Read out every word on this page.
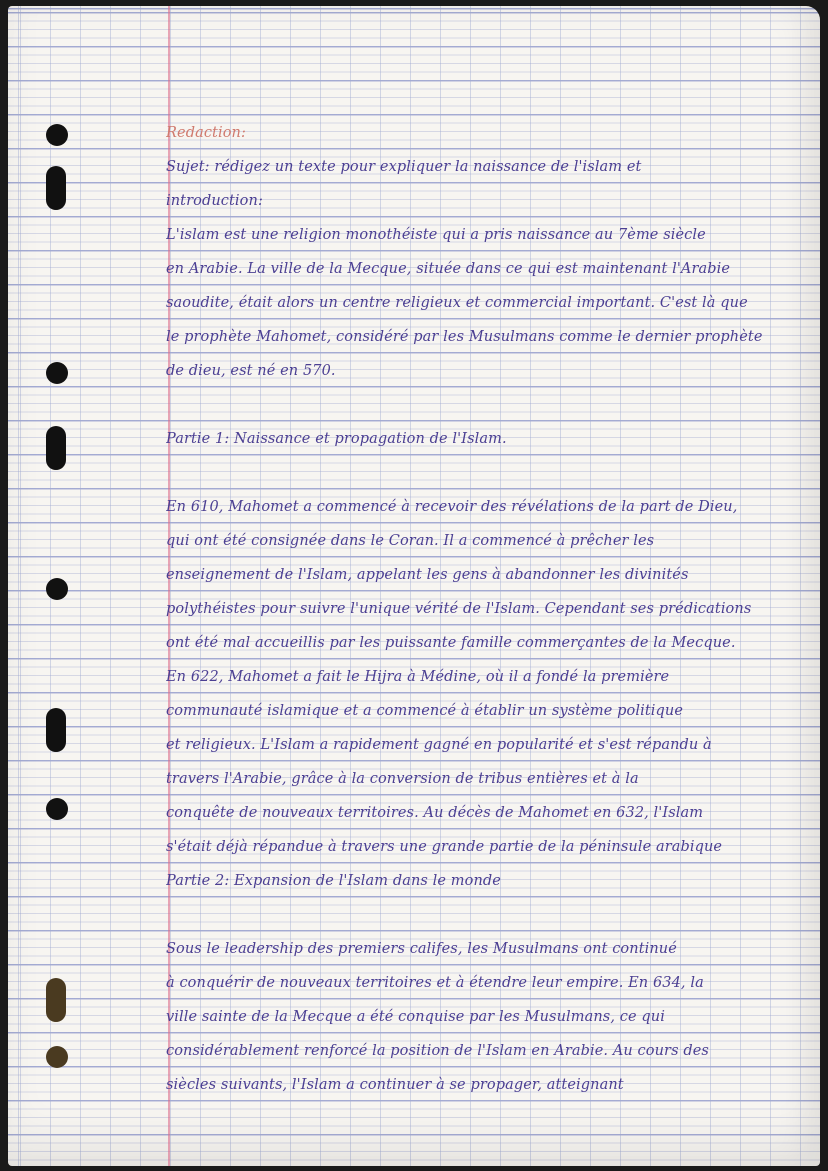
Redaction:
Sujet: rédigez un texte pour expliquer la naissance de l'islam et
introduction:
L'islam est une religion monothéiste qui a pris naissance au 7ème siècle
en Arabie. La ville de la Mecque, située dans ce qui est maintenant l'Arabie
saoudite, était alors un centre religieux et commercial important. C'est là que
le prophète Mahomet, considéré par les Musulmans comme le dernier prophète
de dieu, est né en 570.
Partie 1: Naissance et propagation de l'Islam.
En 610, Mahomet a commencé à recevoir des révélations de la part de Dieu,
qui ont été consignée dans le Coran. Il a commencé à prêcher les
enseignement de l'Islam, appelant les gens à abandonner les divinités
polythéistes pour suivre l'unique vérité de l'Islam. Cependant ses prédications
ont été mal accueillis par les puissante famille commerçantes de la Mecque.
En 622, Mahomet a fait le Hijra à Médine, où il a fondé la première
communauté islamique et a commencé à établir un système politique
et religieux. L'Islam a rapidement gagné en popularité et s'est répandu à
travers l'Arabie, grâce à la conversion de tribus entières et à la
conquête de nouveaux territoires. Au décès de Mahomet en 632, l'Islam
s'était déjà répandue à travers une grande partie de la péninsule arabique
Partie 2: Expansion de l'Islam dans le monde
Sous le leadership des premiers califes, les Musulmans ont continué
à conquérir de nouveaux territoires et à étendre leur empire. En 634, la
ville sainte de la Mecque a été conquise par les Musulmans, ce qui
considérablement renforcé la position de l'Islam en Arabie. Au cours des
siècles suivants, l'Islam a continuer à se propager, atteignant
